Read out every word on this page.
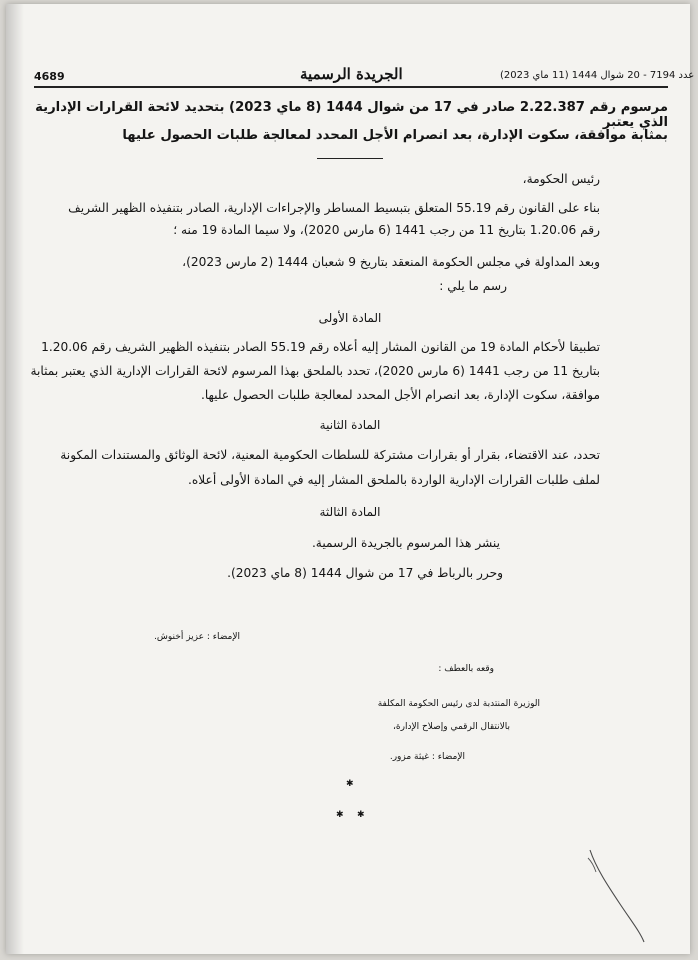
4689	الجريدة الرسمية	عدد 7194 - 20 شوال 1444 (11 ماي 2023)
مرسوم رقم 2.22.387 صادر في 17 من شوال 1444 (8 ماي 2023) بتحديد لائحة القرارات الإدارية الذي يعتبر
بمثابة موافقة، سكوت الإدارة، بعد انصرام الأجل المحدد لمعالجة طلبات الحصول عليها
رئيس الحكومة،
بناء على القانون رقم 55.19 المتعلق بتبسيط المساطر والإجراءات الإدارية، الصادر بتنفيذه الظهير الشريف
رقم 1.20.06 بتاريخ 11 من رجب 1441 (6 مارس 2020)، ولا سيما المادة 19 منه ؛
وبعد المداولة في مجلس الحكومة المنعقد بتاريخ 9 شعبان 1444 (2 مارس 2023)،
رسم ما يلي :
المادة الأولى
تطبيقا لأحكام المادة 19 من القانون المشار إليه أعلاه رقم 55.19 الصادر بتنفيذه الظهير الشريف رقم 1.20.06
بتاريخ 11 من رجب 1441 (6 مارس 2020)، تحدد بالملحق بهذا المرسوم لائحة القرارات الإدارية الذي يعتبر بمثابة
موافقة، سكوت الإدارة، بعد انصرام الأجل المحدد لمعالجة طلبات الحصول عليها.
المادة الثانية
تحدد، عند الاقتضاء، بقرار أو بقرارات مشتركة للسلطات الحكومية المعنية، لائحة الوثائق والمستندات المكونة
لملف طلبات القرارات الإدارية الواردة بالملحق المشار إليه في المادة الأولى أعلاه.
المادة الثالثة
ينشر هذا المرسوم بالجريدة الرسمية.
وحرر بالرباط في 17 من شوال 1444 (8 ماي 2023).
الإمضاء : عزيز أخنوش.
وقعه بالعطف :
الوزيرة المنتدبة لدى رئيس الحكومة المكلفة
بالانتقال الرقمي وإصلاح الإدارة،
الإمضاء : غيثة مزور.
✱
✱ ✱
